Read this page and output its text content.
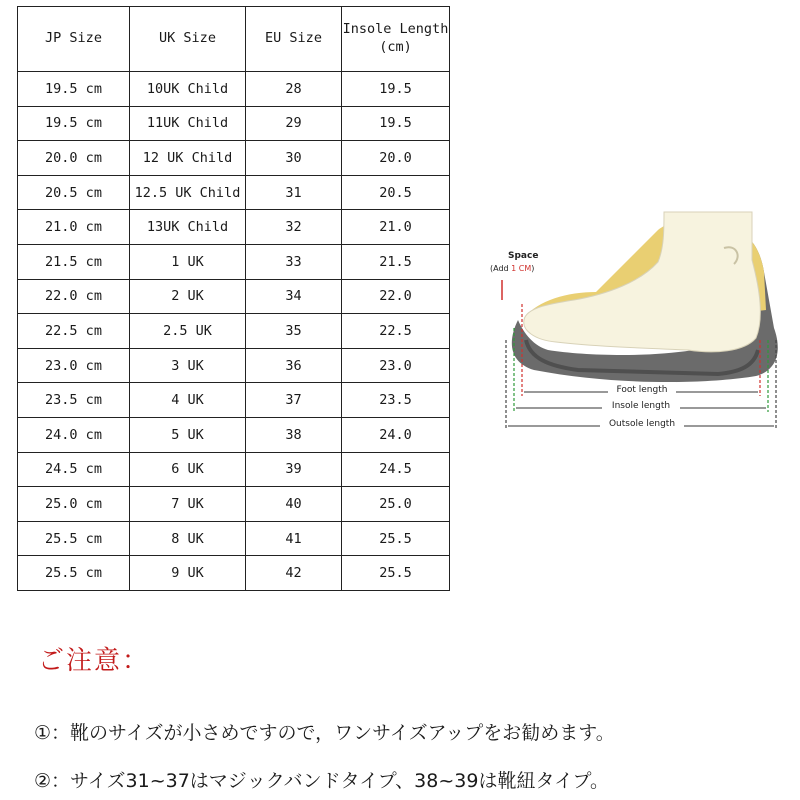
JP Size	UK Size	EU Size	Insole Length
(cm)
19.5 cm	10UK Child	28	19.5
19.5 cm	11UK Child	29	19.5
20.0 cm	12 UK Child	30	20.0
20.5 cm	12.5 UK Child	31	20.5
21.0 cm	13UK Child	32	21.0
21.5 cm	1 UK	33	21.5
22.0 cm	2 UK	34	22.0
22.5 cm	2.5 UK	35	22.5
23.0 cm	3 UK	36	23.0
23.5 cm	4 UK	37	23.5
24.0 cm	5 UK	38	24.0
24.5 cm	6 UK	39	24.5
25.0 cm	7 UK	40	25.0
25.5 cm	8 UK	41	25.5
25.5 cm	9 UK	42	25.5
Space
(Add 1 CM)
Foot length
Insole length
Outsole length
ご注意：
①：靴のサイズが小さめですので，ワンサイズアップをお勧めます。
②：サイズ31~37はマジックバンドタイプ、38~39は靴紐タイプ。
